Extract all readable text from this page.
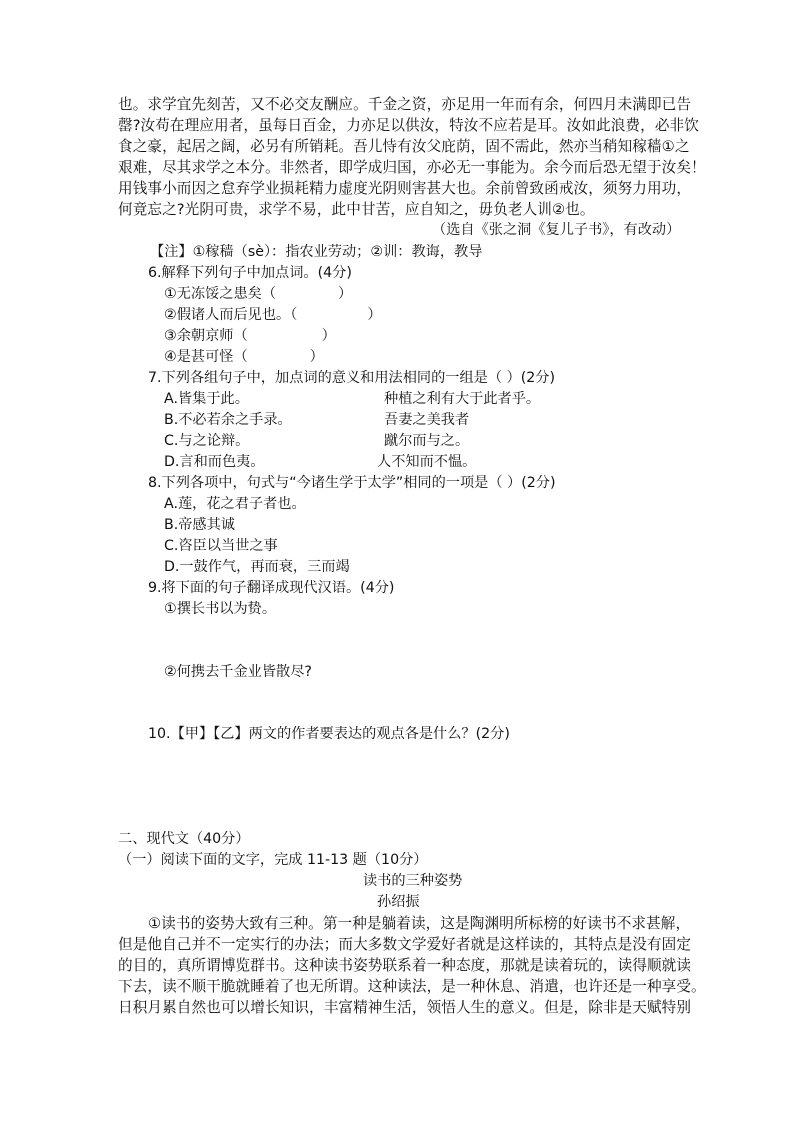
也。求学宜先刻苦，又不必交友酬应。千金之资，亦足用一年而有余，何四月未满即已告
罄?汝苟在理应用者，虽每日百金，力亦足以供汝，特汝不应若是耳。汝如此浪费，必非饮
食之豪，起居之阔，必另有所销耗。吾儿恃有汝父庇荫，固不需此，然亦当稍知稼穑①之
艰难，尽其求学之本分。非然者，即学成归国，亦必无一事能为。余今而后恐无望于汝矣！
用钱事小而因之怠弃学业损耗精力虚度光阴则害甚大也。余前曾致函戒汝，须努力用功，
何竟忘之?光阴可贵，求学不易，此中甘苦，应自知之，毋负老人训②也。
（选自《张之洞《复儿子书》，有改动）
【注】①稼穑（sè）：指农业劳动；②训：教诲，教导
6.解释下列句子中加点词。(4分)
①无冻馁之患矣（	）
②假诸人而后见也。（	）
③余朝京师（	）
④是甚可怪（	）
7.下列各组句子中，加点词的意义和用法相同的一组是（ ）(2分)
A.皆集于此。	种植之利有大于此者乎。
B.不必若余之手录。	吾妻之美我者
C.与之论辩。	蹴尔而与之。
D.言和而色夷。	人不知而不愠。
8.下列各项中，句式与“今诸生学于太学”相同的一项是（ ）(2分)
A.莲，花之君子者也。
B.帝感其诚
C.咨臣以当世之事
D.一鼓作气，再而衰，三而竭
9.将下面的句子翻译成现代汉语。(4分)
①撰长书以为贽。
②何携去千金业皆散尽?
10.【甲】【乙】两文的作者要表达的观点各是什么？(2分)
二、现代文（40分）
（一）阅读下面的文字，完成 11-13 题（10分）
读书的三种姿势
孙绍振
①读书的姿势大致有三种。第一种是躺着读，这是陶渊明所标榜的好读书不求甚解，
但是他自己并不一定实行的办法；而大多数文学爱好者就是这样读的，其特点是没有固定
的目的，真所谓博览群书。这种读书姿势联系着一种态度，那就是读着玩的，读得顺就读
下去，读不顺干脆就睡着了也无所谓。这种读法，是一种休息、消遣，也许还是一种享受。
日积月累自然也可以增长知识，丰富精神生活，领悟人生的意义。但是，除非是天赋特别
